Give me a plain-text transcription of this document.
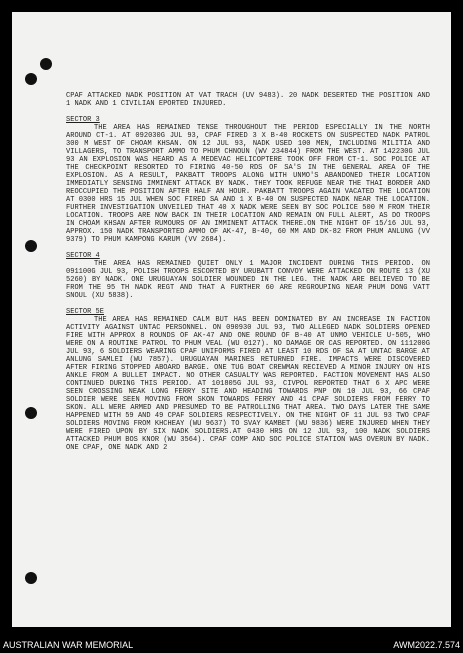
CPAF ATTACKED NADK POSITION AT VAT TRACH (UV 9483). 20 NADK DESERTED THE POSITION AND 1 NADK AND 1 CIVILIAN EPORTED INJURED.

SECTOR 3

THE AREA HAS REMAINED TENSE THROUGHOUT THE PERIOD ESPECIALLY IN THE NORTH AROUND CT-1. AT 092030G JUL 93, CPAF FIRED 3 X B-40 ROCKETS ON SUSPECTED NADK PATROL 300 M WEST OF CHOAM KHSAN. ON 12 JUL 93, NADK USED 100 MEN, INCLUDING MILITIA AND VILLAGERS, TO TRANSPORT AMMO TO PHUM CHNOUN (WV 234844) FROM THE WEST. AT 142230G JUL 93 AN EXPLOSION WAS HEARD AS A MEDEVAC HELICOPTERE TOOK OFF FROM CT-1. SOC POLICE AT THE CHECKPOINT RESORTED TO FIRING 40-50 RDS OF SA'S IN THE GENERAL AREA OF THE EXPLOSION. AS A RESULT, PAKBATT TROOPS ALONG WITH UNMO'S ABANDONED THEIR LOCATION IMMEDIATLY SENSING IMMINENT ATTACK BY NADK. THEY TOOK REFUGE NEAR THE THAI BORDER AND REOCCUPIED THE POSITION AFTER HALF AN HOUR. PAKBATT TROOPS AGAIN VACATED THE LOCATION AT 0300 HRS 15 JUL WHEN SOC FIRED SA AND 1 X B-40 ON SUSPECTED NADK NEAR THE LOCATION. FURTHER INVESTIGATION UNVEILED THAT 40 X NADK WERE SEEN BY SOC POLICE 500 M FROM THEIR LOCATION. TROOPS ARE NOW BACK IN THEIR LOCATION AND REMAIN ON FULL ALERT, AS DO TROOPS IN CHOAM KHSAN AFTER RUMOURS OF AN IMMINENT ATTACK THERE.ON THE NIGHT OF 15/16 JUL 93, APPROX. 150 NADK TRANSPORTED AMMO OF AK-47, B-40, 60 MM AND DK-82 FROM PHUM ANLUNG (VV 9379) TO PHUM KAMPONG KARUM (VV 2684).

SECTOR 4

THE AREA HAS REMAINED QUIET ONLY 1 MAJOR INCIDENT DURING THIS PERIOD. ON 091100G JUL 93, POLISH TROOPS ESCORTED BY URUBATT CONVOY WERE ATTACKED ON ROUTE 13 (XU 5260) BY NADK. ONE URUGUAYAN SOLDIER WOUNDED IN THE LEG. THE NADK ARE BELIEVED TO BE FROM THE 95 TH NADK REGT AND THAT A FURTHER 60 ARE REGROUPING NEAR PHUM DONG VATT SNOUL (XU 5838).

SECTOR 5E

THE AREA HAS REMAINED CALM BUT HAS BEEN DOMINATED BY AN INCREASE IN FACTION ACTIVITY AGAINST UNTAC PERSONNEL. ON 090930 JUL 93, TWO ALLEGED NADK SOLDIERS OPENED FIRE WITH APPROX 8 ROUNDS OF AK-47 AND ONE ROUND OF B-40 AT UNMO VEHICLE U-505, WHO WERE ON A ROUTINE PATROL TO PHUM VEAL (WU 0127). NO DAMAGE OR CAS REPORTED. ON 111200G JUL 93, 6 SOLDIERS WEARING CPAF UNIFORMS FIRED AT LEAST 10 RDS OF SA AT UNTAC BARGE AT ANLUNG SAMLEI (WU 7857). URUGUAYAN MARINES RETURNED FIRE. IMPACTS WERE DISCOVERED AFTER FIRING STOPPED ABOARD BARGE. ONE TUG BOAT CREWMAN RECIEVED A MINOR INJURY ON HIS ANKLE FROM A BULLET IMPACT. NO OTHER CASUALTY WAS REPORTED. FACTION MOVEMENT HAS ALSO CONTINUED DURING THIS PERIOD. AT 101805G JUL 93, CIVPOL REPORTED THAT 6 X APC WERE SEEN CROSSING NEAK LONG FERRY SITE AND HEADING TOWARDS PNP ON 10 JUL 93, 66 CPAF SOLDIER WERE SEEN MOVING FROM SKON TOWARDS FERRY AND 41 CPAF SOLDIERS FROM FERRY TO SKON. ALL WERE ARMED AND PRESUMED TO BE PATROLLING THAT AREA. TWO DAYS LATER THE SAME HAPPENED WITH 59 AND 49 CPAF SOLDIERS RESPECTIVELY. ON THE NIGHT OF 11 JUL 93 TWO CPAF SOLDIERS MOVING FROM KHCHEAY (WU 9637) TO SVAY KAMBET (WU 9836) WERE INJURED WHEN THEY WERE FIRED UPON BY SIX NADK SOLDIERS.AT 0430 HRS ON 12 JUL 93, 100 NADK SOLDIERS ATTACKED PHUM BOS KNOR (WU 3564). CPAF COMP AND SOC POLICE STATION WAS OVERUN BY NADK. ONE CPAF, ONE NADK AND 2

AUSTRALIAN WAR MEMORIAL	AWM2022.7.574
